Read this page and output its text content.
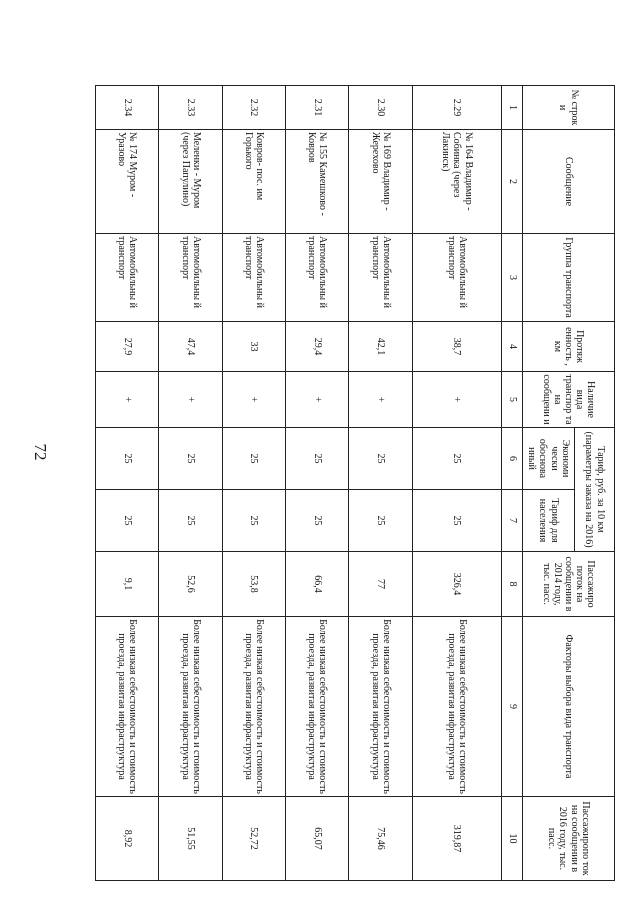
72
№ строк и	Сообщение	Группа транспорта	Протяж енность , км	Наличие вида транспор та на сообщени и	Тариф, руб. за 10 км (параметры заказа на 2016)		Пассажиро поток на сообщении в 2014 году, тыс. пасс.	Факторы выбора вида транспорта	Пассажиропо ток на сообщении в 2016 году, тыс. пасс.
					Экономи чески обоснова нный	Тариф для населения			
1	2	3	4	5	6	7	8	9	10
2.29	№ 164 Владимир - Собинка (через Лакинск)	Автомобильны й транспорт	38,7	+	25	25	326,4	Более низкая себестоимость и стоимость проезда, развитая инфраструктура	319,87
2.30	№ 169 Владимир - Жерехово	Автомобильны й транспорт	42,1	+	25	25	77	Более низкая себестоимость и стоимость проезда, развитая инфраструктура	75,46
2.31	№ 155 Камешково - Ковров	Автомобильны й транспорт	29,4	+	25	25	66,4	Более низкая себестоимость и стоимость проезда, развитая инфраструктура	65,07
2.32	Ковров- пос. им Горького	Автомобильны й транспорт	33	+	25	25	53,8	Более низкая себестоимость и стоимость проезда, развитая инфраструктура	52,72
2.33	Меленки - Муром (через Папулино)	Автомобильны й транспорт	47,4	+	25	25	52,6	Более низкая себестоимость и стоимость проезда, развитая инфраструктура	51,55
2.34	№ 174 Муром - Уразово	Автомобильны й транспорт	27,9	+	25	25	9,1	Более низкая себестоимость и стоимость проезда, развитая инфраструктура	8,92
